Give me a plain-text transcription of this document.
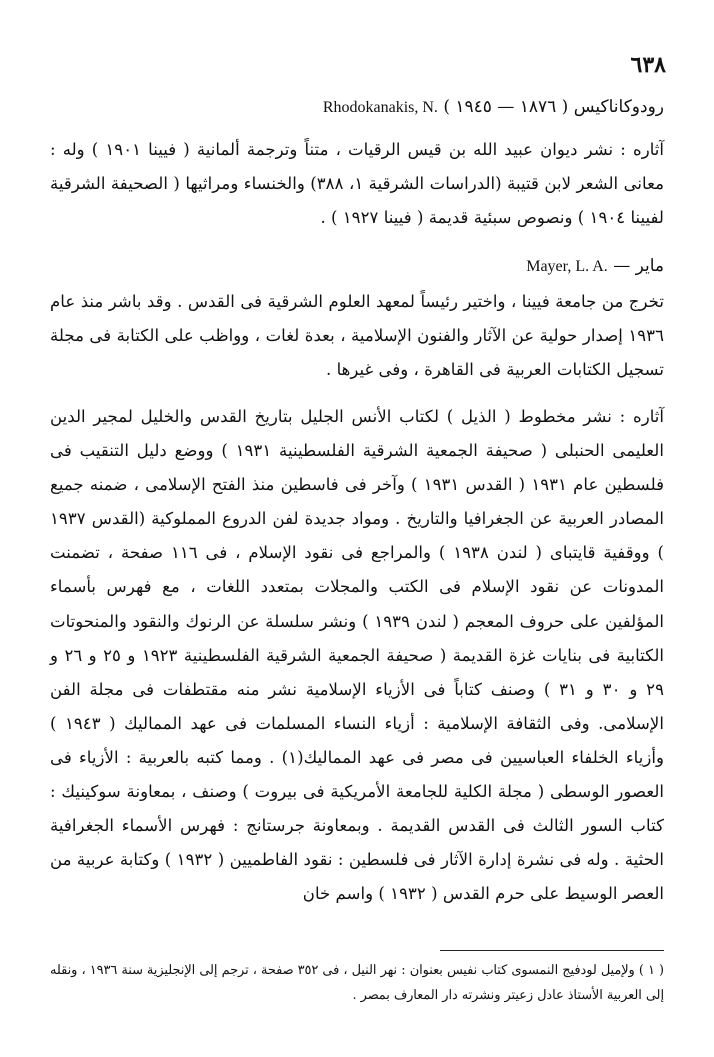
٦٣٨
رودوكاناكيس ( ١٨٧٦ — ١٩٤٥ ) Rhodokanakis, N.
آثاره : نشر ديوان عبيد الله بن قيس الرقيات ، متناً وترجمة ألمانية ( فيينا ١٩٠١ ) وله : معانى الشعر لابن قتيبة (الدراسات الشرقية ١، ٣٨٨) والخنساء ومراثيها ( الصحيفة الشرقية لفيينا ١٩٠٤ ) ونصوص سبئية قديمة ( فيينا ١٩٢٧ ) .
ماير — Mayer, L. A.
تخرج من جامعة فيينا ، واختير رئيساً لمعهد العلوم الشرقية فى القدس . وقد باشر منذ عام ١٩٣٦ إصدار حولية عن الآثار والفنون الإسلامية ، بعدة لغات ، وواظب على الكتابة فى مجلة تسجيل الكتابات العربية فى القاهرة ، وفى غيرها .
آثاره : نشر مخطوط ( الذيل ) لكتاب الأنس الجليل بتاريخ القدس والخليل لمجير الدين العليمى الحنبلى ( صحيفة الجمعية الشرقية الفلسطينية ١٩٣١ ) ووضع دليل التنقيب فى فلسطين عام ١٩٣١ ( القدس ١٩٣١ ) وآخر فى فاسطين منذ الفتح الإسلامى ، ضمنه جميع المصادر العربية عن الجغرافيا والتاريخ . ومواد جديدة لفن الدروع المملوكية (القدس ١٩٣٧ ) ووقفية قايتباى ( لندن ١٩٣٨ ) والمراجع فى نقود الإسلام ، فى ١١٦ صفحة ، تضمنت المدونات عن نقود الإسلام فى الكتب والمجلات بمتعدد اللغات ، مع فهرس بأسماء المؤلفين على حروف المعجم ( لندن ١٩٣٩ ) ونشر سلسلة عن الرنوك والنقود والمنحوتات الكتابية فى بنايات غزة القديمة ( صحيفة الجمعية الشرقية الفلسطينية ١٩٢٣ و ٢٥ و ٢٦ و ٢٩ و ٣٠ و ٣١ ) وصنف كتاباً فى الأزياء الإسلامية نشر منه مقتطفات فى مجلة الفن الإسلامى. وفى الثقافة الإسلامية : أزياء النساء المسلمات فى عهد المماليك ( ١٩٤٣ ) وأزياء الخلفاء العباسيين فى مصر فى عهد المماليك(١) . ومما كتبه بالعربية : الأزياء فى العصور الوسطى ( مجلة الكلية للجامعة الأمريكية فى بيروت ) وصنف ، بمعاونة سوكينيك : كتاب السور الثالث فى القدس القديمة . وبمعاونة جرستانج : فهرس الأسماء الجغرافية الحثية . وله فى نشرة إدارة الآثار فى فلسطين : نقود الفاطميين ( ١٩٣٢ ) وكتابة عربية من العصر الوسيط على حرم القدس ( ١٩٣٢ ) واسم خان
( ١ ) ولإميل لودفيج النمسوى كتاب نفيس بعنوان : نهر النيل ، فى ٣٥٢ صفحة ، ترجم إلى الإنجليزية سنة ١٩٣٦ ، ونقله إلى العربية الأستاذ عادل زعيتر ونشرته دار المعارف بمصر .
